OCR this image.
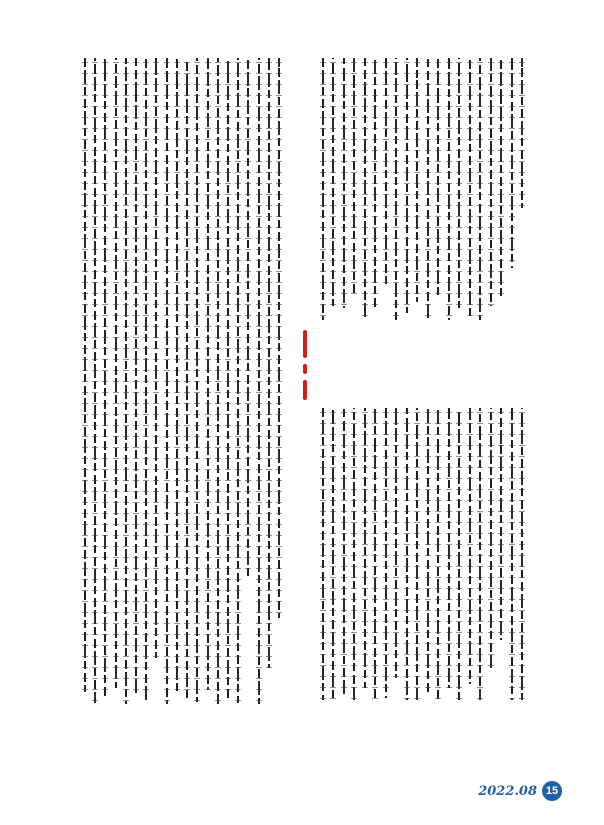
2022.08 15
